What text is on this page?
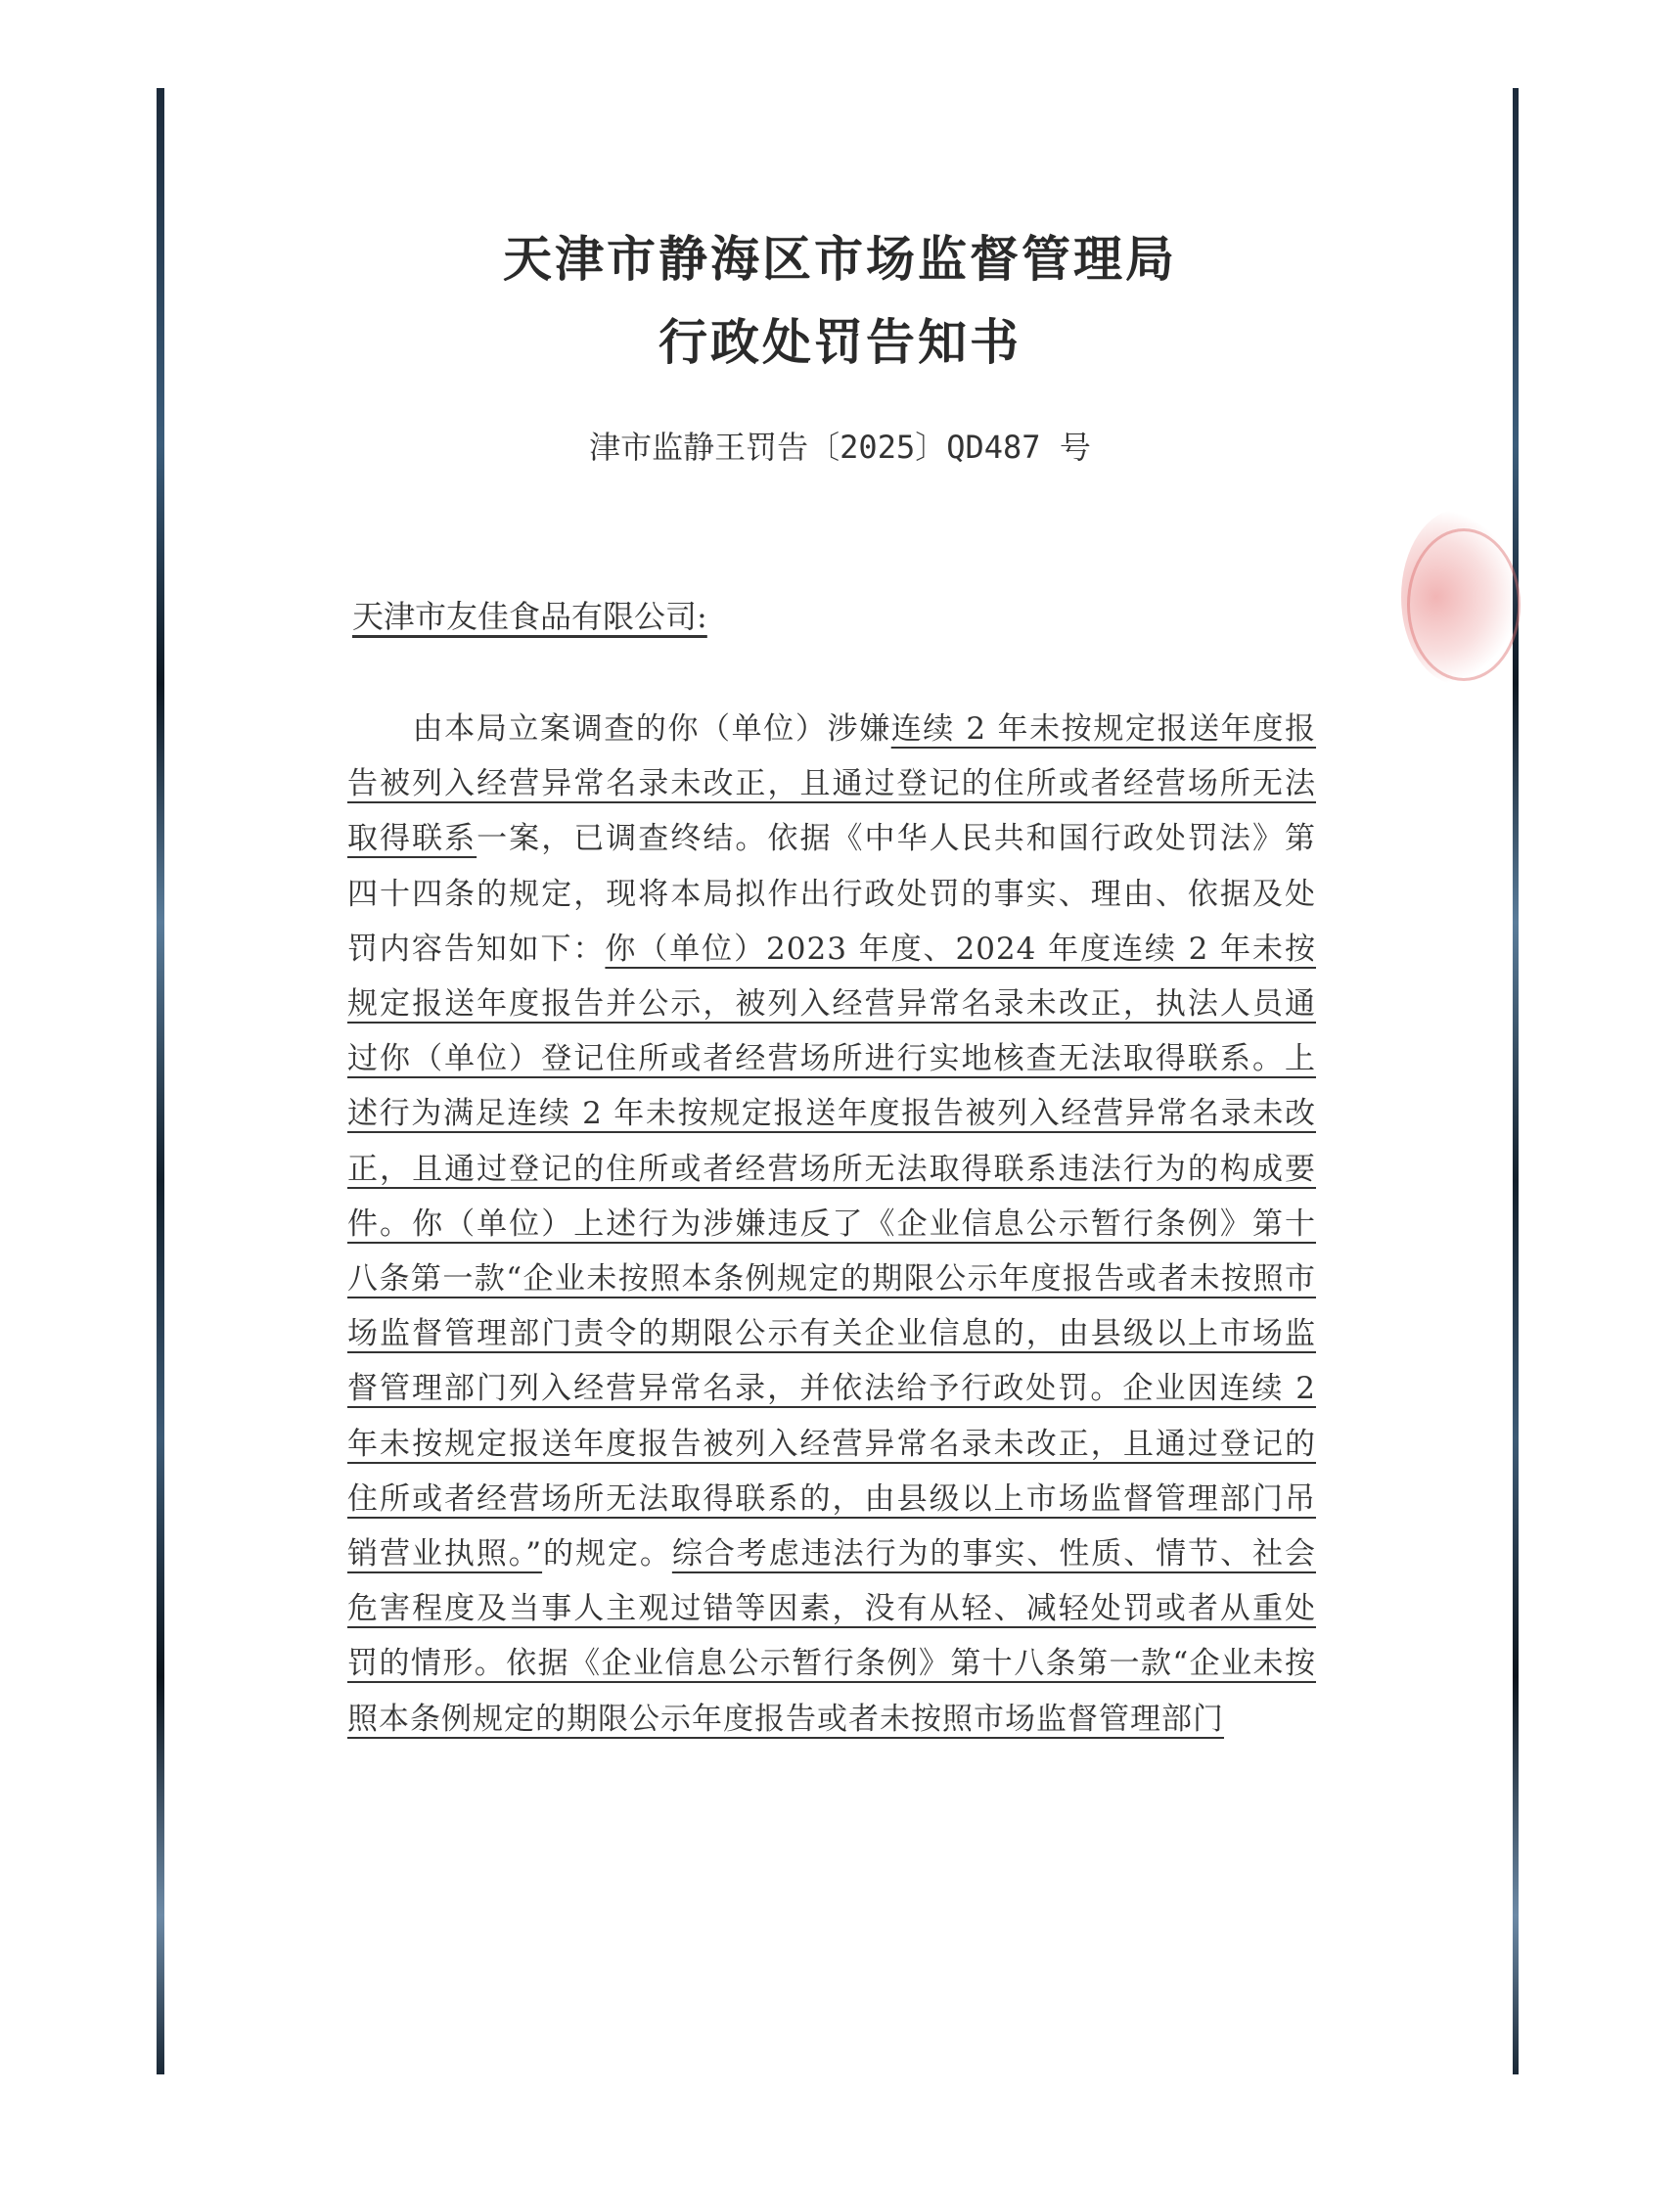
天津市静海区市场监督管理局
行政处罚告知书
津市监静王罚告〔2025〕QD487 号
天津市友佳食品有限公司:
由本局立案调查的你（单位）涉嫌连续 2 年未按规定报送年度报告被列入经营异常名录未改正，且通过登记的住所或者经营场所无法取得联系一案，已调查终结。依据《中华人民共和国行政处罚法》第四十四条的规定，现将本局拟作出行政处罚的事实、理由、依据及处罚内容告知如下：你（单位）2023 年度、2024 年度连续 2 年未按规定报送年度报告并公示，被列入经营异常名录未改正，执法人员通过你（单位）登记住所或者经营场所进行实地核查无法取得联系。上述行为满足连续 2 年未按规定报送年度报告被列入经营异常名录未改正，且通过登记的住所或者经营场所无法取得联系违法行为的构成要件。你（单位）上述行为涉嫌违反了《企业信息公示暂行条例》第十八条第一款“企业未按照本条例规定的期限公示年度报告或者未按照市场监督管理部门责令的期限公示有关企业信息的，由县级以上市场监督管理部门列入经营异常名录，并依法给予行政处罚。企业因连续 2 年未按规定报送年度报告被列入经营异常名录未改正，且通过登记的住所或者经营场所无法取得联系的，由县级以上市场监督管理部门吊销营业执照。”的规定。综合考虑违法行为的事实、性质、情节、社会危害程度及当事人主观过错等因素，没有从轻、减轻处罚或者从重处罚的情形。依据《企业信息公示暂行条例》第十八条第一款“企业未按照本条例规定的期限公示年度报告或者未按照市场监督管理部门
